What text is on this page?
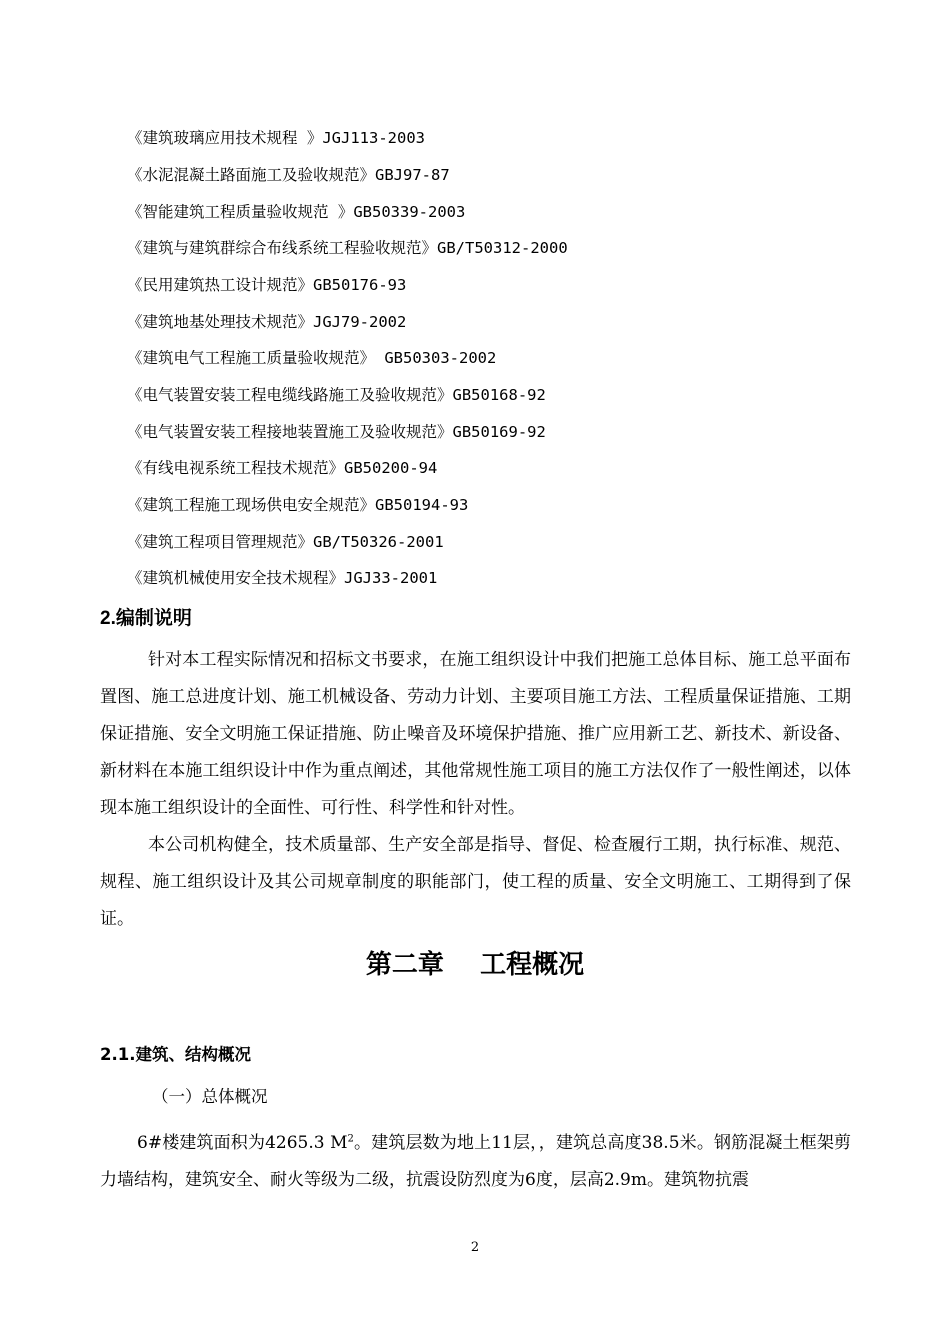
《建筑玻璃应用技术规程 》JGJ113-2003
《水泥混凝土路面施工及验收规范》GBJ97-87
《智能建筑工程质量验收规范 》GB50339-2003
《建筑与建筑群综合布线系统工程验收规范》GB/T50312-2000
《民用建筑热工设计规范》GB50176-93
《建筑地基处理技术规范》JGJ79-2002
《建筑电气工程施工质量验收规范》 GB50303-2002
《电气装置安装工程电缆线路施工及验收规范》GB50168-92
《电气装置安装工程接地装置施工及验收规范》GB50169-92
《有线电视系统工程技术规范》GB50200-94
《建筑工程施工现场供电安全规范》GB50194-93
《建筑工程项目管理规范》GB/T50326-2001
《建筑机械使用安全技术规程》JGJ33-2001
2.编制说明

针对本工程实际情况和招标文书要求，在施工组织设计中我们把施工总体目标、施工总平面布置图、施工总进度计划、施工机械设备、劳动力计划、主要项目施工方法、工程质量保证措施、工期保证措施、安全文明施工保证措施、防止噪音及环境保护措施、推广应用新工艺、新技术、新设备、新材料在本施工组织设计中作为重点阐述，其他常规性施工项目的施工方法仅作了一般性阐述，以体现本施工组织设计的全面性、可行性、科学性和针对性。

本公司机构健全，技术质量部、生产安全部是指导、督促、检查履行工期，执行标准、规范、规程、施工组织设计及其公司规章制度的职能部门，使工程的质量、安全文明施工、工期得到了保证。

第二章    工程概况
2.1.建筑、结构概况
（一）总体概况

6#楼建筑面积为4265.3 $M^2$。建筑层数为地上11层，，建筑总高度38.5米。钢筋混凝土框架剪力墙结构，建筑安全、耐火等级为二级，抗震设防烈度为6度，层高2.9m。建筑物抗震

2
